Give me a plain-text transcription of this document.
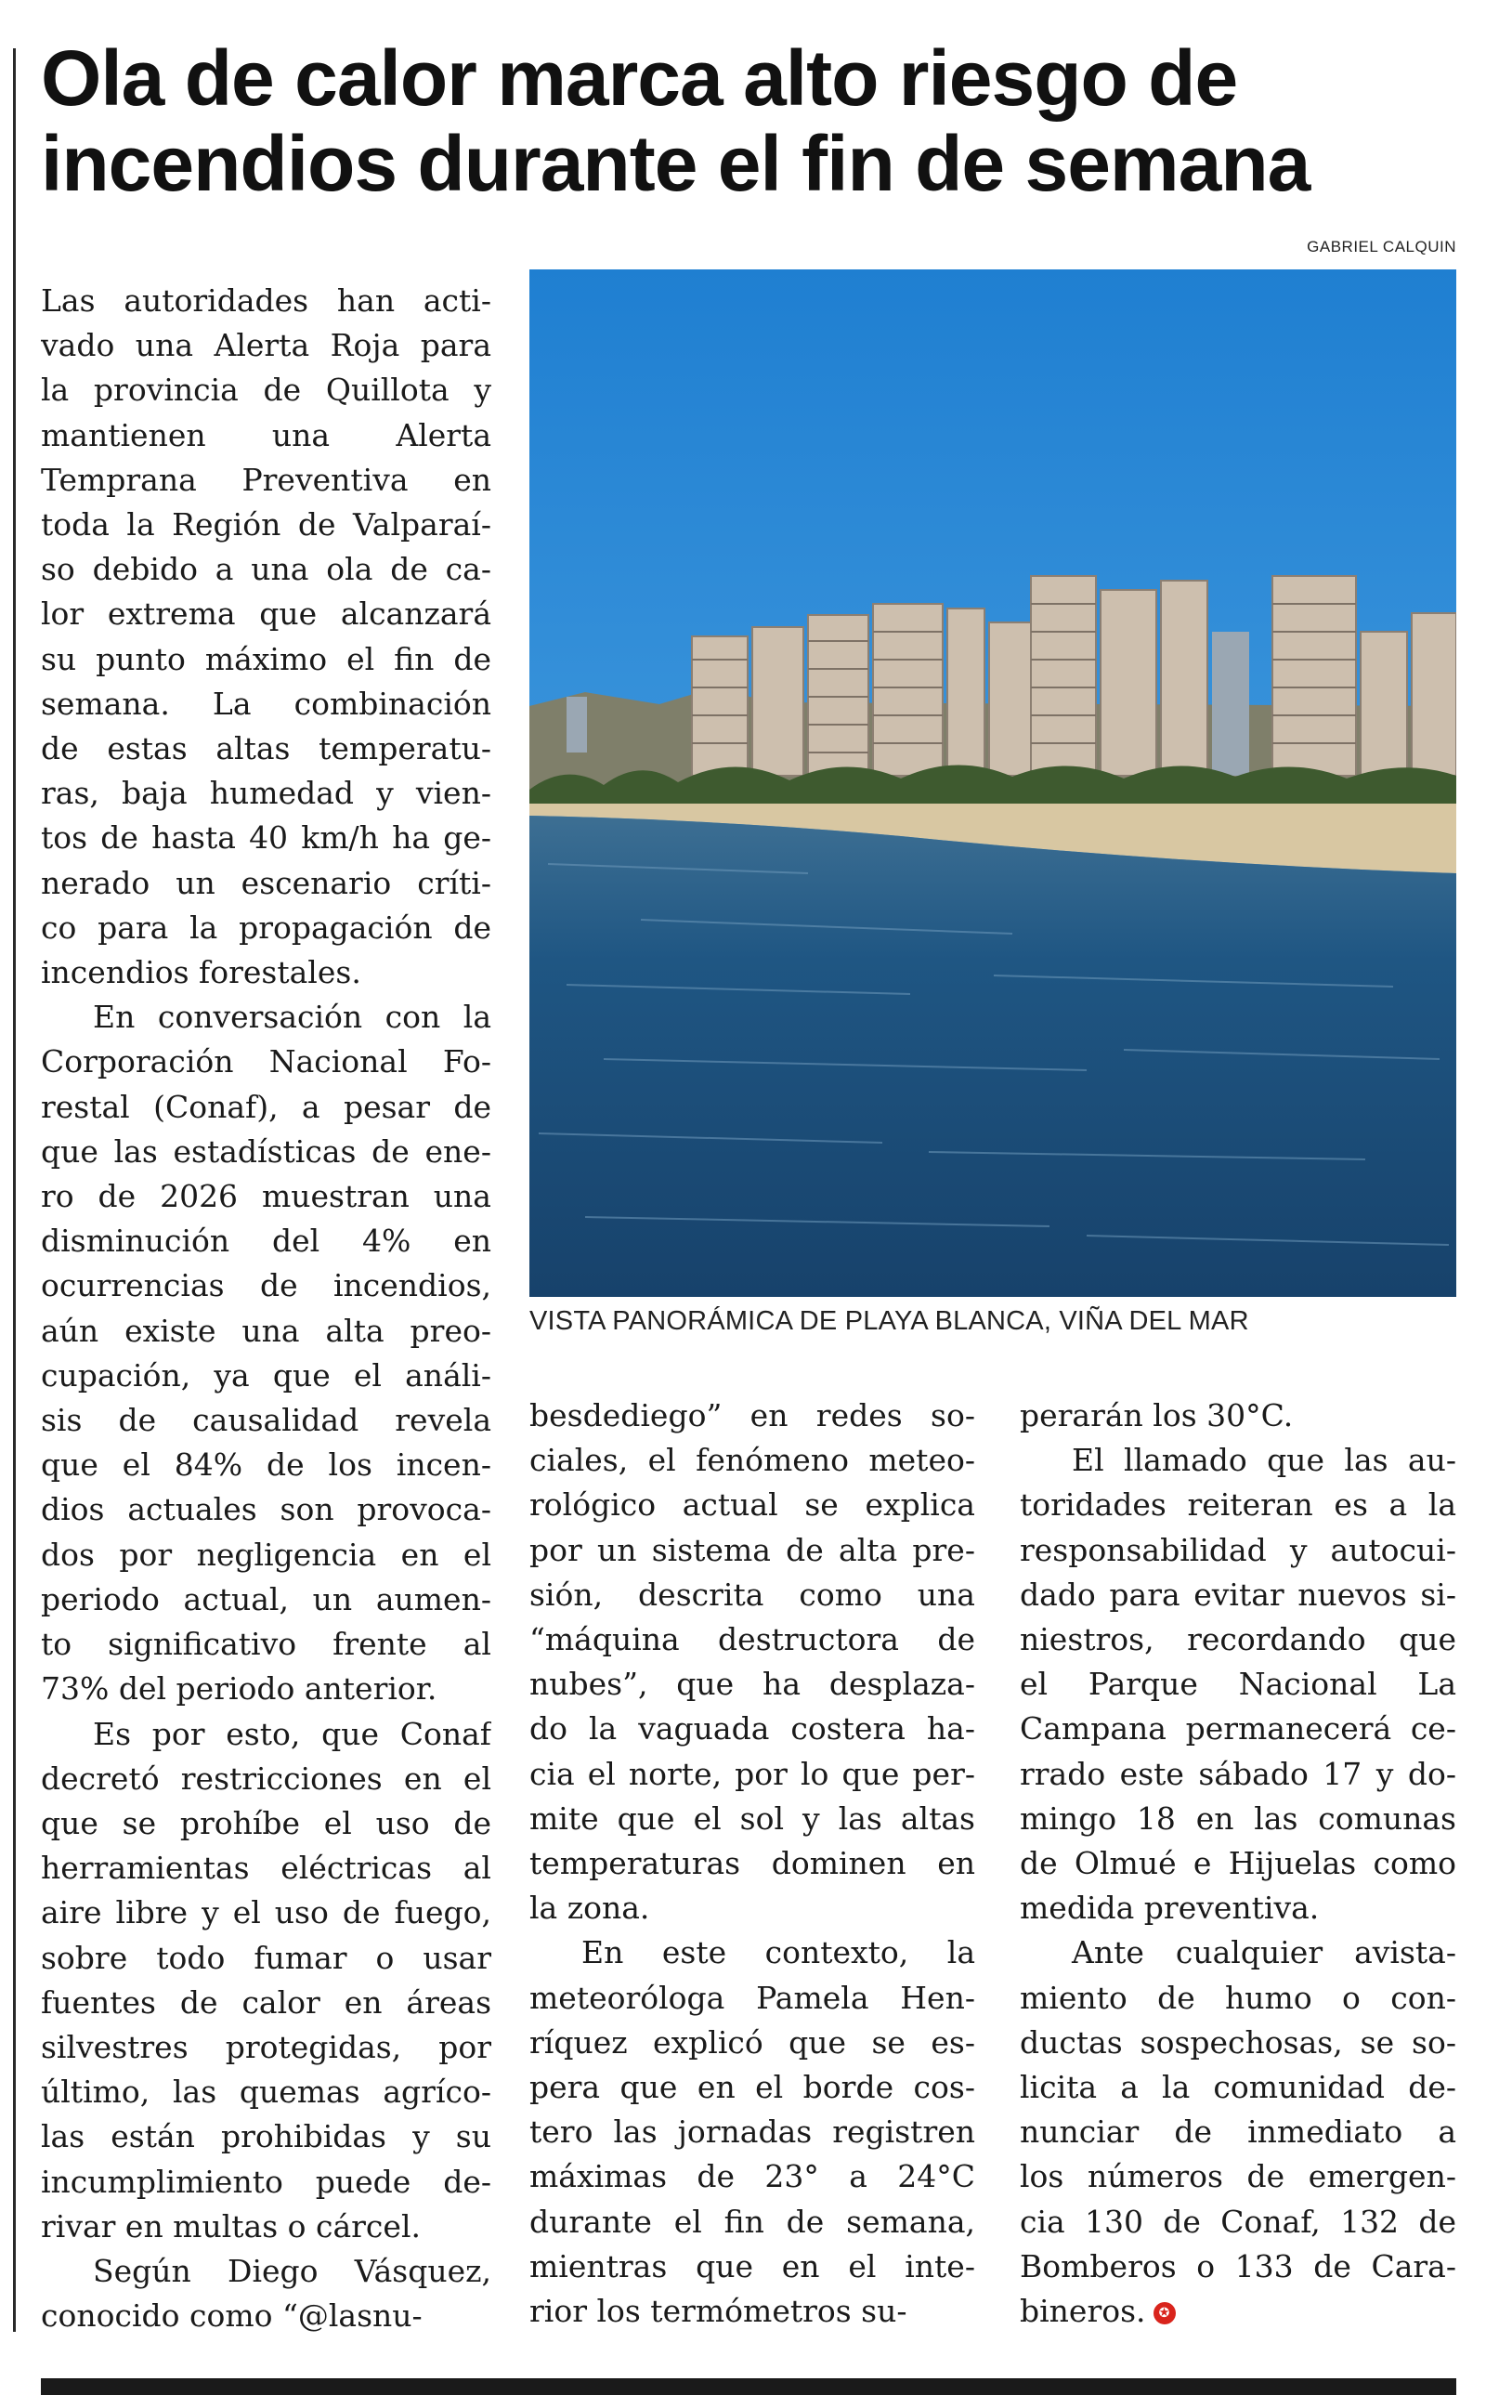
Ola de calor marca alto riesgo de
incendios durante el fin de semana
GABRIEL CALQUIN
VISTA PANORÁMICA DE PLAYA BLANCA, VIÑA DEL MAR
Las autoridades han acti-
vado una Alerta Roja para
la provincia de Quillota y
mantienen una Alerta
Temprana Preventiva en
toda la Región de Valparaí-
so debido a una ola de ca-
lor extrema que alcanzará
su punto máximo el fin de
semana. La combinación
de estas altas temperatu-
ras, baja humedad y vien-
tos de hasta 40 km/h ha ge-
nerado un escenario críti-
co para la propagación de
incendios forestales.
En conversación con la
Corporación Nacional Fo-
restal (Conaf), a pesar de
que las estadísticas de ene-
ro de 2026 muestran una
disminución del 4% en
ocurrencias de incendios,
aún existe una alta preo-
cupación, ya que el análi-
sis de causalidad revela
que el 84% de los incen-
dios actuales son provoca-
dos por negligencia en el
periodo actual, un aumen-
to significativo frente al
73% del periodo anterior.
Es por esto, que Conaf
decretó restricciones en el
que se prohíbe el uso de
herramientas eléctricas al
aire libre y el uso de fuego,
sobre todo fumar o usar
fuentes de calor en áreas
silvestres protegidas, por
último, las quemas agríco-
las están prohibidas y su
incumplimiento puede de-
rivar en multas o cárcel.
Según Diego Vásquez,
conocido como “@lasnu-
besdediego” en redes so-
ciales, el fenómeno meteo-
rológico actual se explica
por un sistema de alta pre-
sión, descrita como una
“máquina destructora de
nubes”, que ha desplaza-
do la vaguada costera ha-
cia el norte, por lo que per-
mite que el sol y las altas
temperaturas dominen en
la zona.
En este contexto, la
meteoróloga Pamela Hen-
ríquez explicó que se es-
pera que en el borde cos-
tero las jornadas registren
máximas de 23° a 24°C
durante el fin de semana,
mientras que en el inte-
rior los termómetros su-
perarán los 30°C.
El llamado que las au-
toridades reiteran es a la
responsabilidad y autocui-
dado para evitar nuevos si-
niestros, recordando que
el Parque Nacional La
Campana permanecerá ce-
rrado este sábado 17 y do-
mingo 18 en las comunas
de Olmué e Hijuelas como
medida preventiva.
Ante cualquier avista-
miento de humo o con-
ductas sospechosas, se so-
licita a la comunidad de-
nunciar de inmediato a
los números de emergen-
cia 130 de Conaf, 132 de
Bomberos o 133 de Cara-
bineros. ✪
